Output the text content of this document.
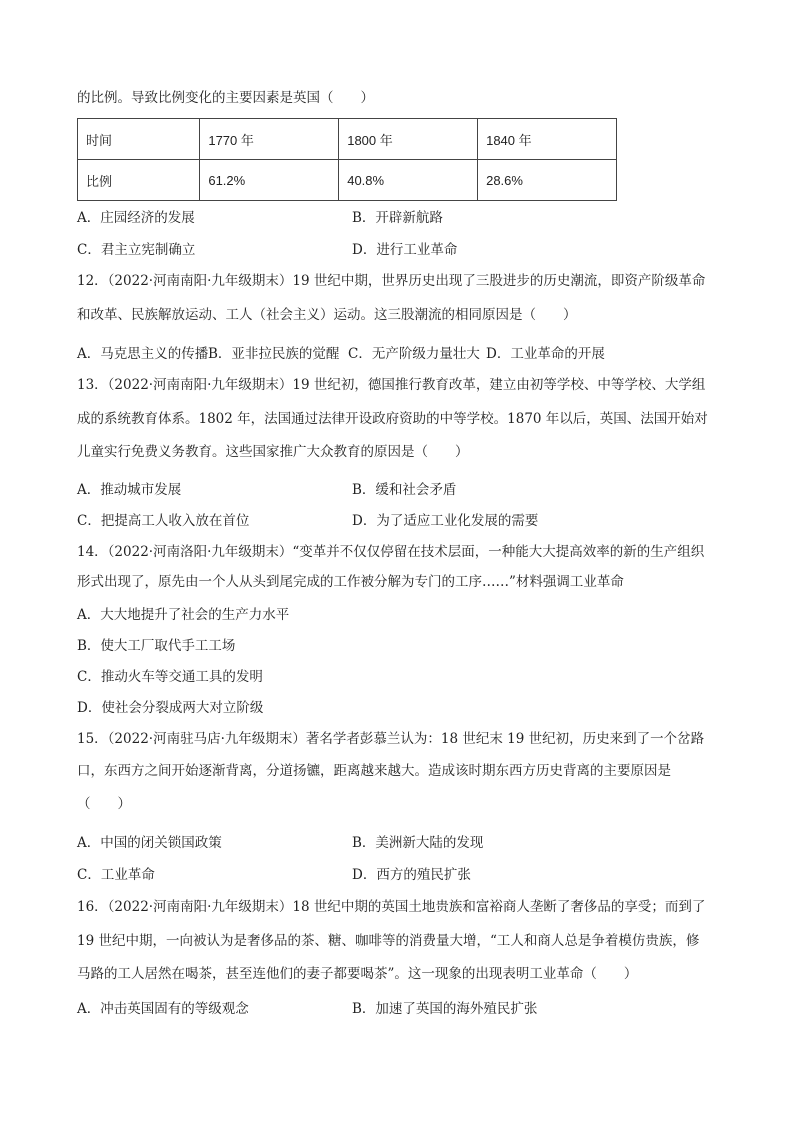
的比例。导致比例变化的主要因素是英国（　　）
时间	1770 年	1800 年	1840 年
比例	61.2%	40.8%	28.6%
A．庄园经济的发展	B．开辟新航路
C．君主立宪制确立	D．进行工业革命
12．（2022·河南南阳·九年级期末）19 世纪中期，世界历史出现了三股进步的历史潮流，即资产阶级革命
和改革、民族解放运动、工人（社会主义）运动。这三股潮流的相同原因是（　　）
A．马克思主义的传播 B．亚非拉民族的觉醒 C．无产阶级力量壮大 D．工业革命的开展
13．（2022·河南南阳·九年级期末）19 世纪初，德国推行教育改革，建立由初等学校、中等学校、大学组
成的系统教育体系。1802 年，法国通过法律开设政府资助的中等学校。1870 年以后，英国、法国开始对
儿童实行免费义务教育。这些国家推广大众教育的原因是（　　）
A．推动城市发展	B．缓和社会矛盾
C．把提高工人收入放在首位	D．为了适应工业化发展的需要
14．（2022·河南洛阳·九年级期末）“变革并不仅仅停留在技术层面，一种能大大提高效率的新的生产组织
形式出现了，原先由一个人从头到尾完成的工作被分解为专门的工序……”材料强调工业革命
A．大大地提升了社会的生产力水平
B．使大工厂取代手工工场
C．推动火车等交通工具的发明
D．使社会分裂成两大对立阶级
15．（2022·河南驻马店·九年级期末）著名学者彭慕兰认为：18 世纪末 19 世纪初，历史来到了一个岔路
口，东西方之间开始逐渐背离，分道扬镳，距离越来越大。造成该时期东西方历史背离的主要原因是
（　　）
A．中国的闭关锁国政策	B．美洲新大陆的发现
C．工业革命	D．西方的殖民扩张
16．（2022·河南南阳·九年级期末）18 世纪中期的英国土地贵族和富裕商人垄断了奢侈品的享受；而到了
19 世纪中期，一向被认为是奢侈品的茶、糖、咖啡等的消费量大增，“工人和商人总是争着模仿贵族，修
马路的工人居然在喝茶，甚至连他们的妻子都要喝茶”。这一现象的出现表明工业革命（　　）
A．冲击英国固有的等级观念	B．加速了英国的海外殖民扩张
